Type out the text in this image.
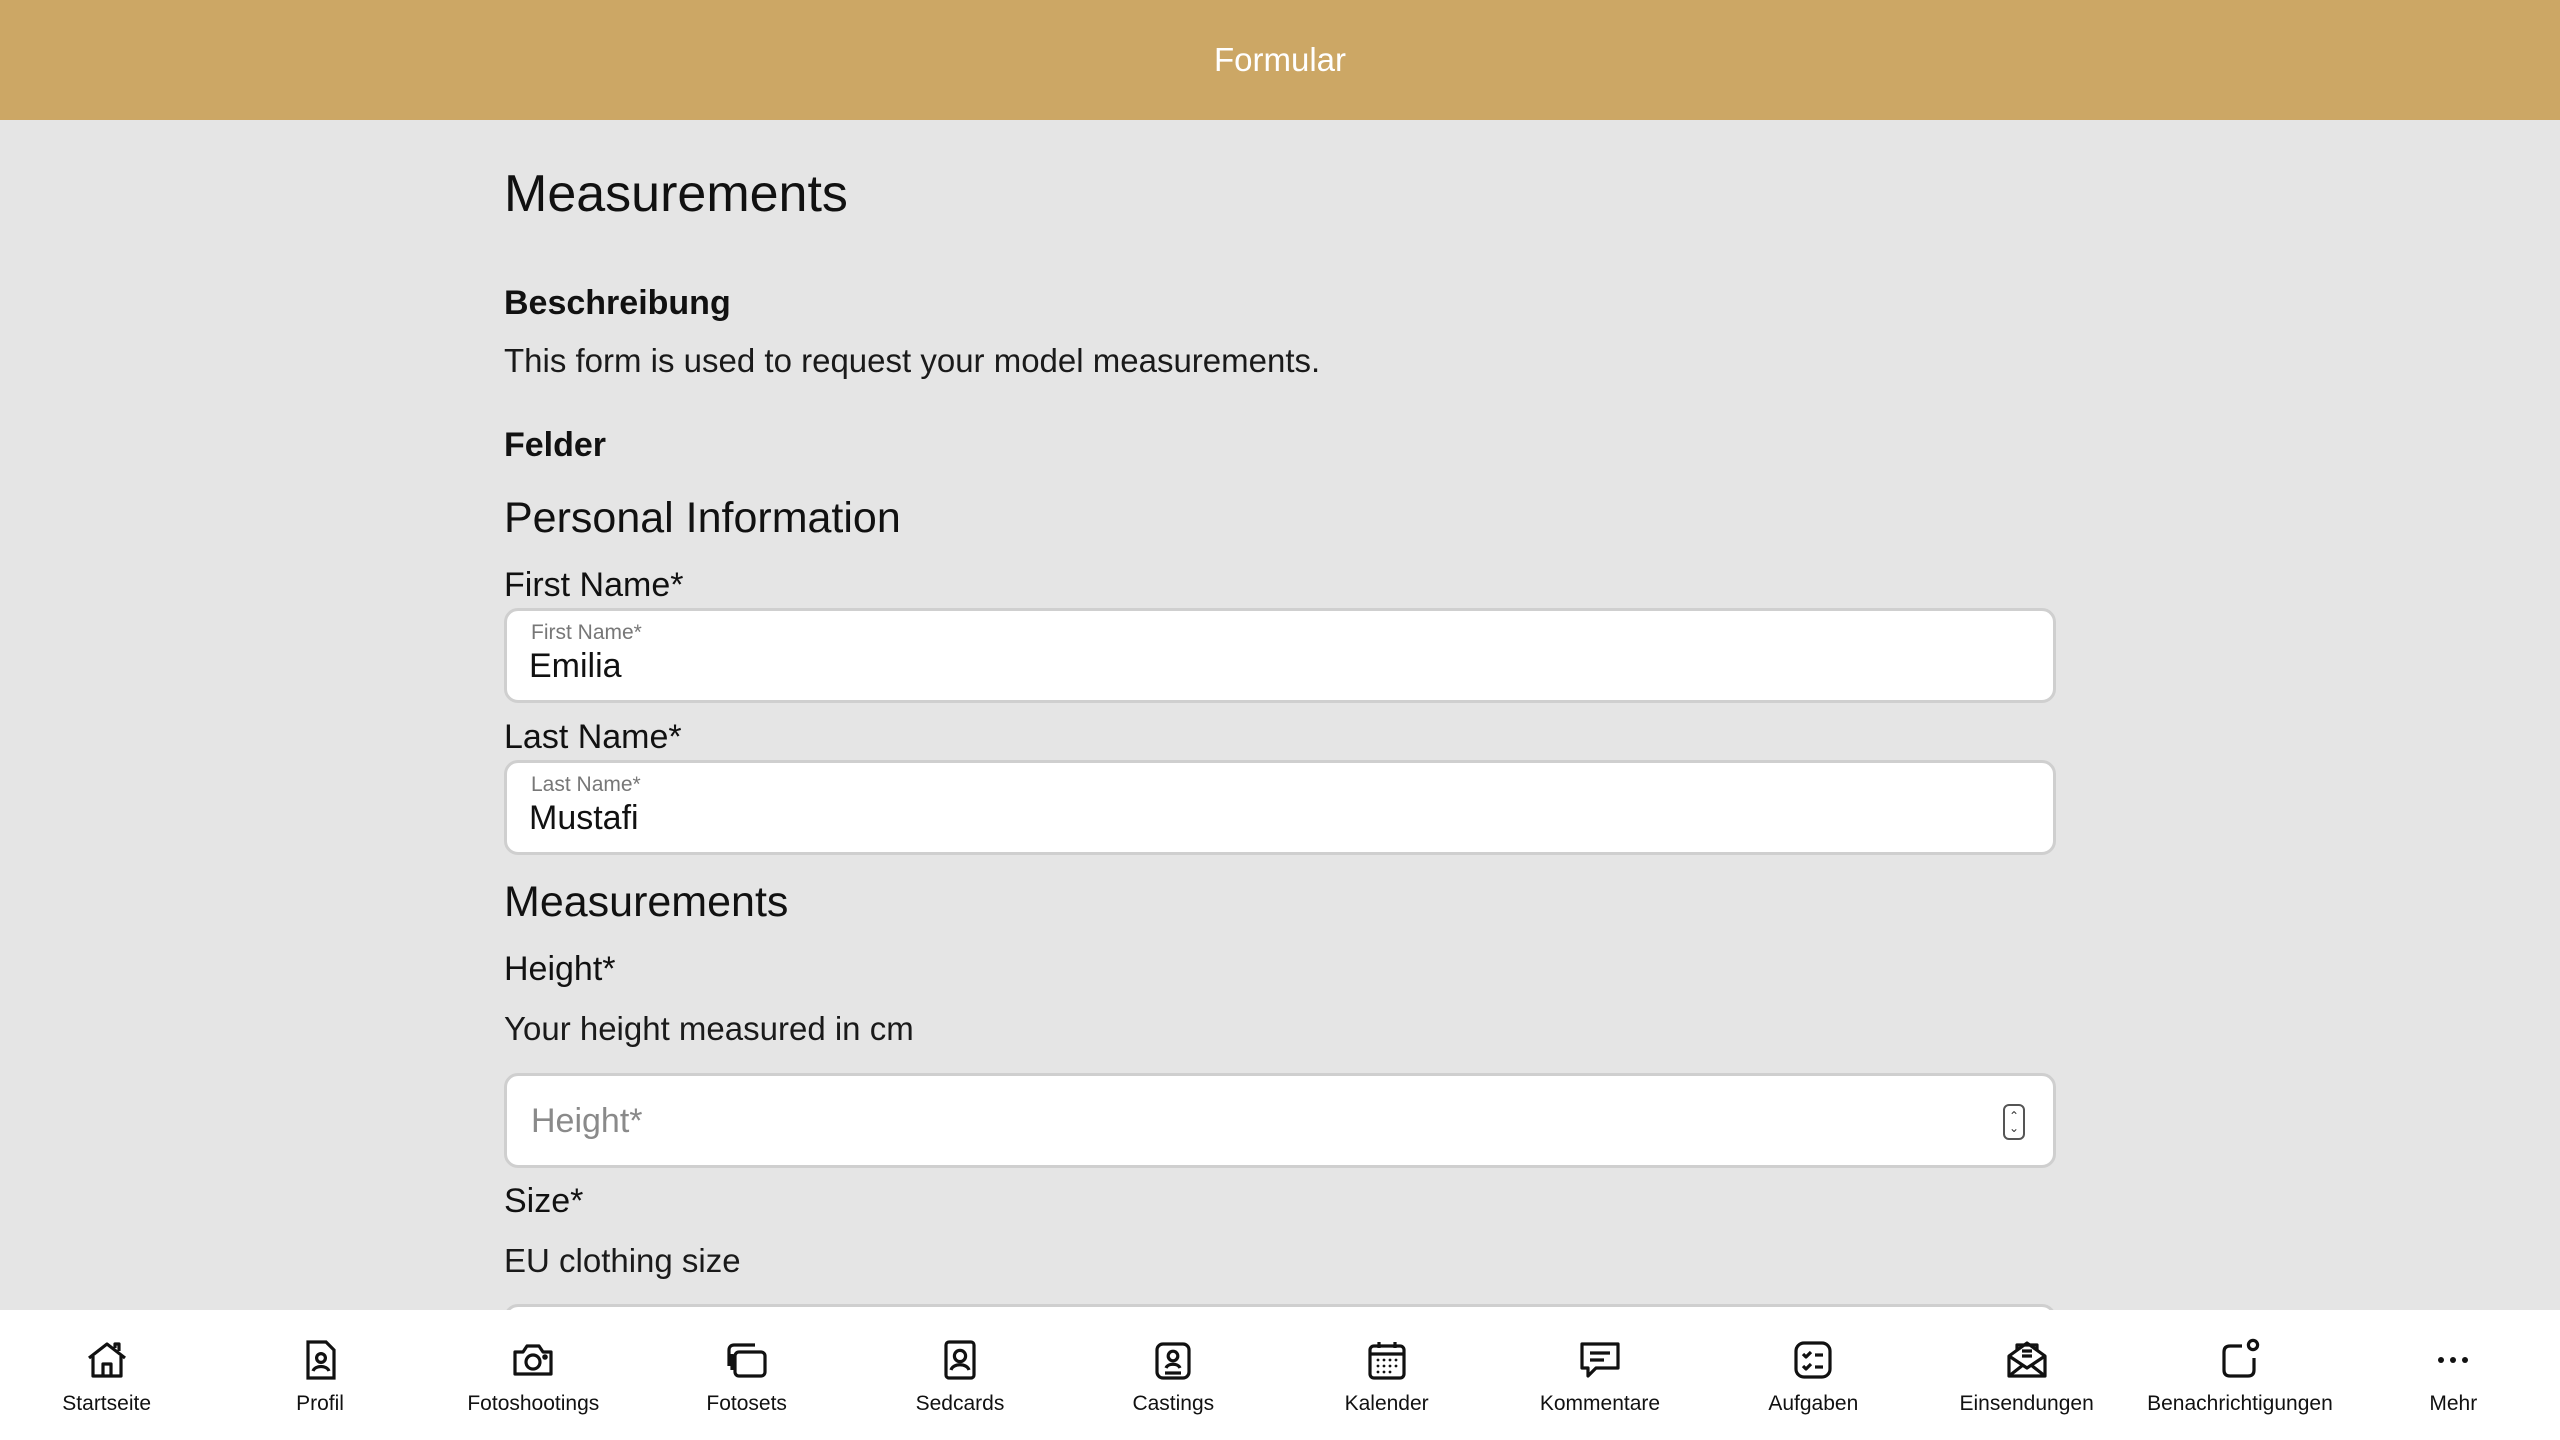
Formular
Measurements
Beschreibung
This form is used to request your model measurements.
Felder
Personal Information
First Name*
First Name*
Emilia
Last Name*
Last Name*
Mustafi
Measurements
Height*
Your height measured in cm
Height*	⌃
⌄
Size*
EU clothing size
Startseite	Profil	Fotoshootings	Fotosets	Sedcards	Castings	Kalender	Kommentare	Aufgaben	Einsendungen	Benachrichtigungen	Mehr
